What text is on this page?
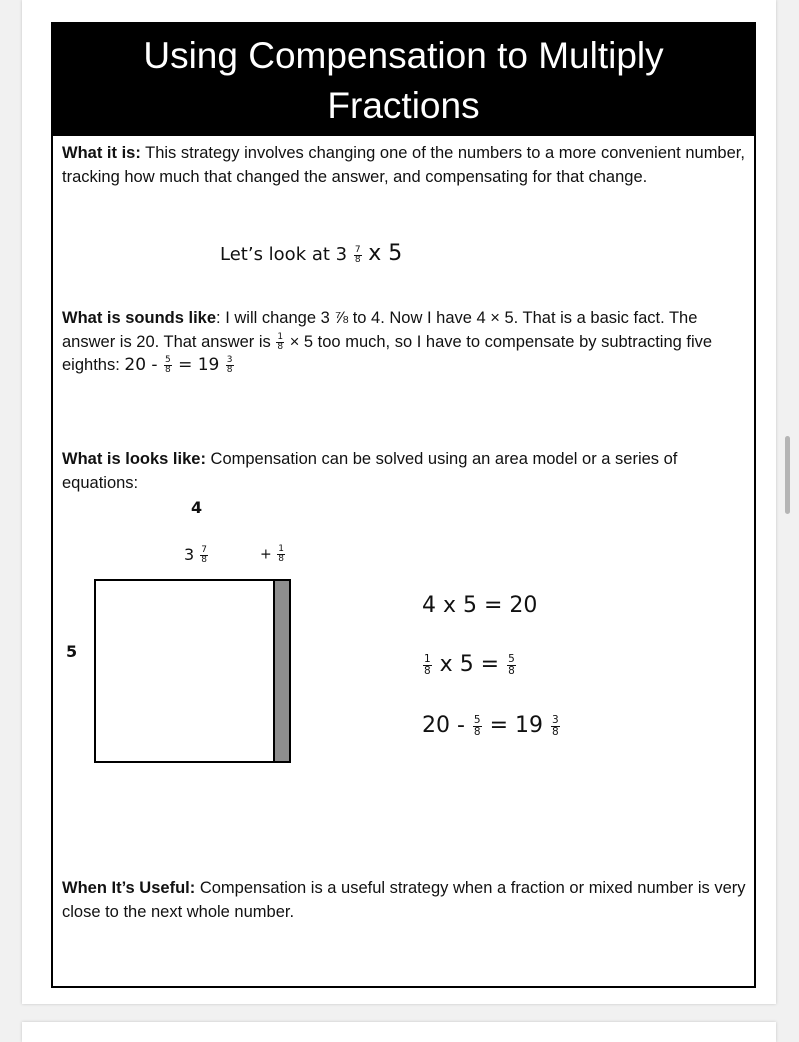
Using Compensation to Multiply
Fractions
What it is: This strategy involves changing one of the numbers to a more convenient number, tracking how much that changed the answer, and compensating for that change.
Let’s look at $3 \frac{7}{8}$ x 5
What is sounds like: I will change 3 ⅞ to 4. Now I have 4 × 5. That is a basic fact. The answer is 20. That answer is $\frac{1}{8} \times 5$ too much, so I have to compensate by subtracting five eighths: $20 - \frac{5}{8} = 19 \frac{3}{8}$
What is looks like: Compensation can be solved using an area model or a series of equations:
4
$3 \frac{7}{8}$	+ $\frac{1}{8}$
5
4 x 5 = 20
$\frac{1}{8}$ x $5 = \frac{5}{8}$
$20 - \frac{5}{8} = 19 \frac{3}{8}$
When It’s Useful: Compensation is a useful strategy when a fraction or mixed number is very close to the next whole number.
